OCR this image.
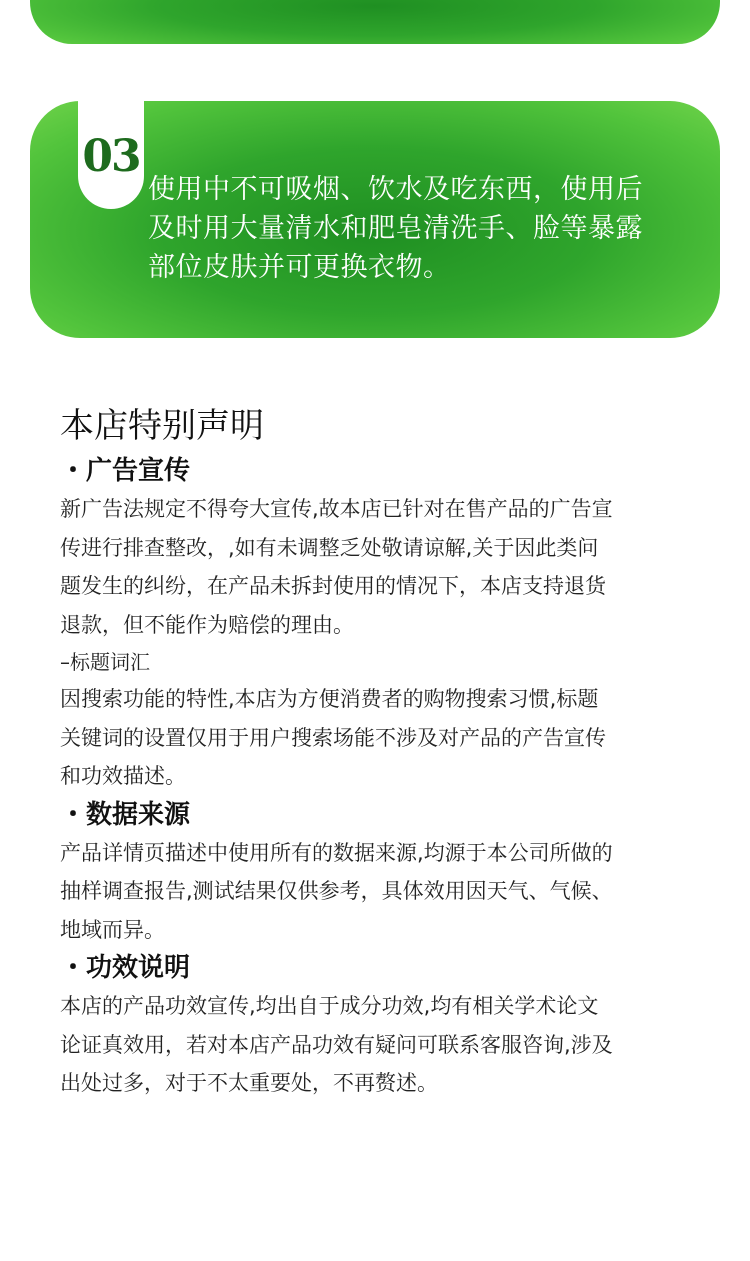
03
使用中不可吸烟、饮水及吃东西，使用后
及时用大量清水和肥皂清洗手、脸等暴露
部位皮肤并可更换衣物。
本店特别声明
・广告宣传

新广告法规定不得夸大宣传,故本店已针对在售产品的广告宣

传进行排查整改，,如有未调整乏处敬请谅解,关于因此类问

题发生的纠纷，在产品未拆封使用的情况下，本店支持退货

退款，但不能作为赔偿的理由。

–标题词汇

因搜索功能的特性,本店为方便消费者的购物搜索习惯,标题

关键词的设置仅用于用户搜索场能不涉及对产品的产告宣传

和功效描述。

・数据来源

产品详情页描述中使用所有的数据来源,均源于本公司所做的

抽样调查报告,测试结果仅供参考，具体效用因天气、气候、

地域而异。

・功效说明

本店的产品功效宣传,均出自于成分功效,均有相关学术论文

论证真效用，若对本店产品功效有疑问可联系客服咨询,涉及

出处过多，对于不太重要处，不再赘述。
